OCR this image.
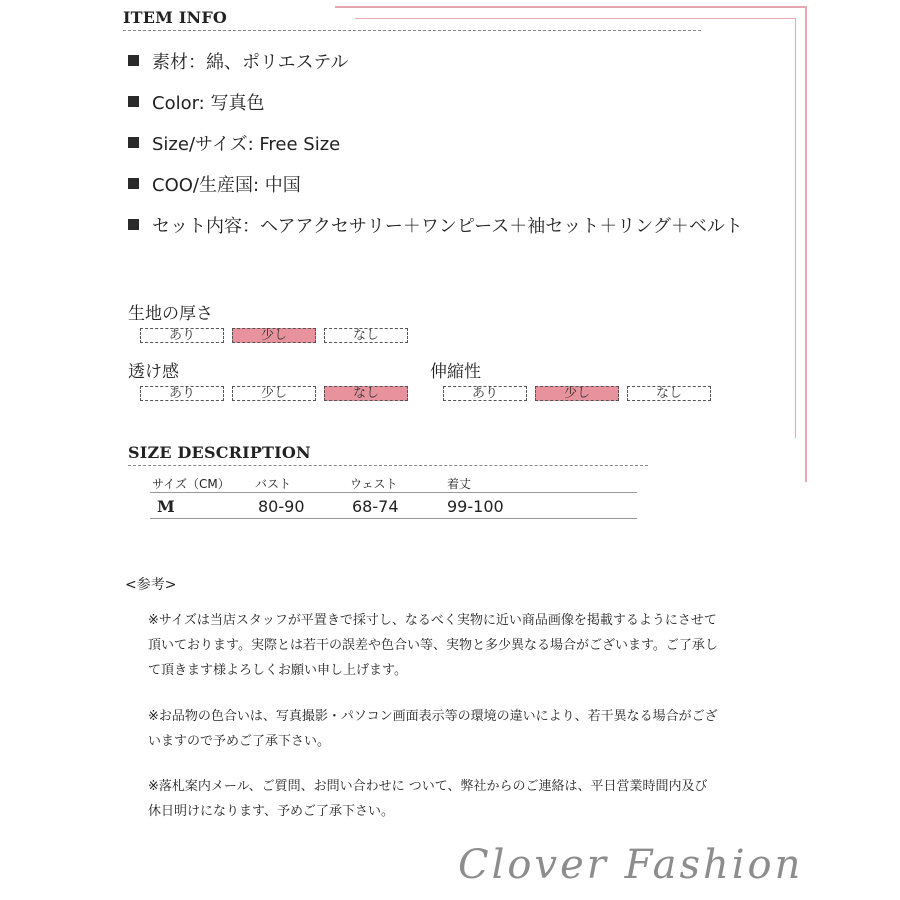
ITEM INFO
素材：綿、ポリエステル
Color: 写真色
Size/サイズ: Free Size
COO/生産国: 中国
セット内容：ヘアアクセサリー＋ワンピース＋袖セット＋リング＋ベルト
生地の厚さ
あり	少し	なし
透け感
あり	少し	なし
伸縮性
あり	少し	なし
SIZE DESCRIPTION
サイズ（CM） バスト	ウェスト	着丈
M	80-90	68-74	99-100
<参考>
※サイズは当店スタッフが平置きで採寸し、なるべく実物に近い商品画像を掲載するようにさせて頂いております。実際とは若干の誤差や色合い等、実物と多少異なる場合がございます。ご了承して頂きます様よろしくお願い申し上げます。
※お品物の色合いは、写真撮影・パソコン画面表示等の環境の違いにより、若干異なる場合がございますので予めご了承下さい。
※落札案内メール、ご質問、お問い合わせに ついて、弊社からのご連絡は、平日営業時間内及び休日明けになります、予めご了承下さい。
Clover Fashion
